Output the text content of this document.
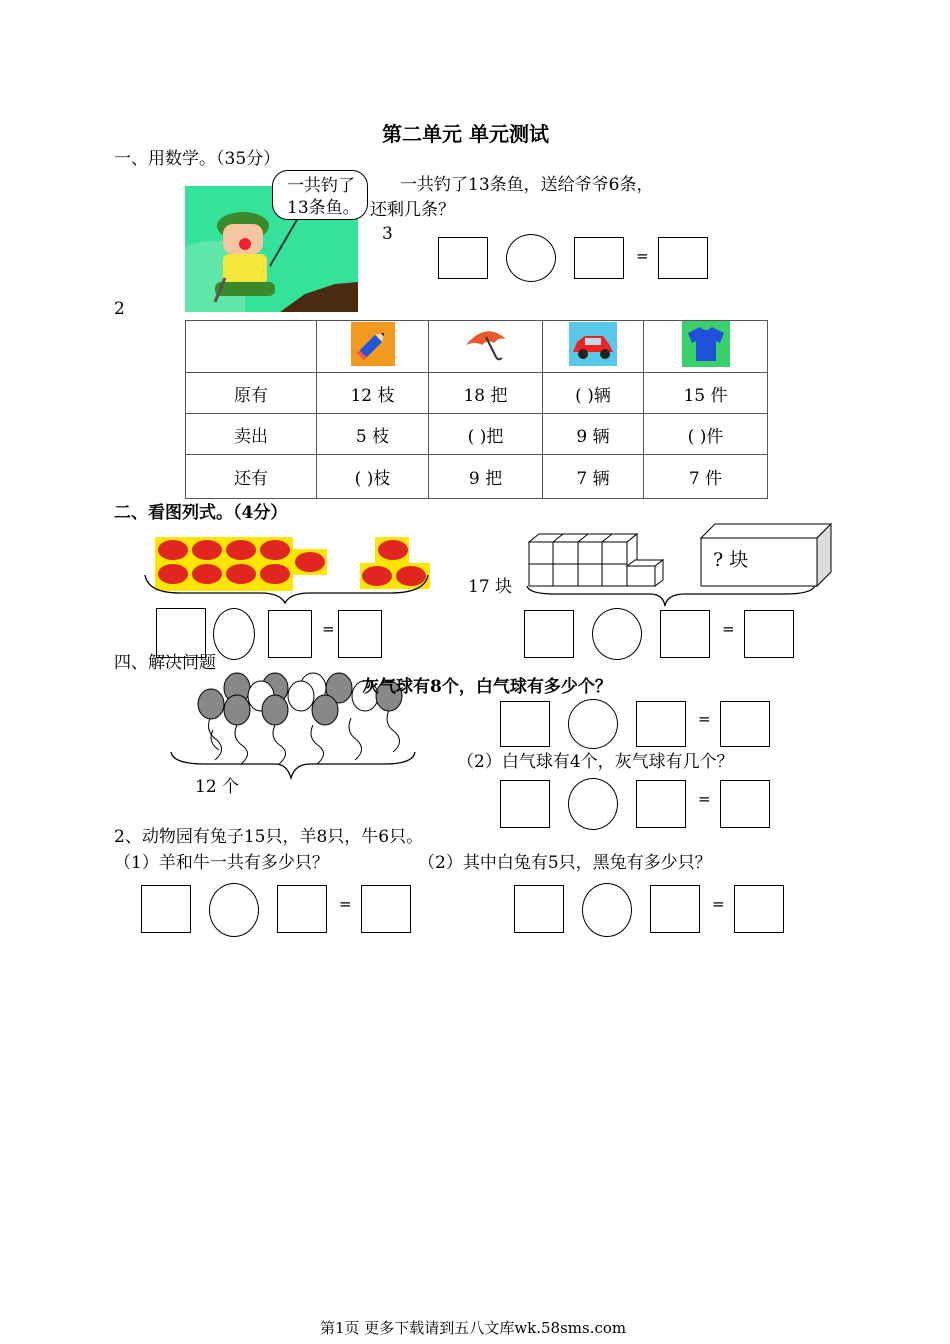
第二单元 单元测试
一、用数学。（35分）
一共钓了
13条鱼。
一共钓了13条鱼，送给爷爷6条，
还剩几条？
3
=
2

原有	12 枝	18 把	( )辆	15 件
卖出	5 枝	( )把	9 辆	( )件
还有	( )枝	9 把	7 辆	7 件
二、看图列式。（4分）
=
? 块
17 块
=
四、解决问题
12 个
灰气球有8个，白气球有多少个？
=
（2）白气球有4个，灰气球有几个？
=
2、动物园有兔子15只，羊8只，牛6只。
（1）羊和牛一共有多少只？	（2）其中白兔有5只，黑兔有多少只？
=	=
第1页 更多下载请到五八文库wk.58sms.com
